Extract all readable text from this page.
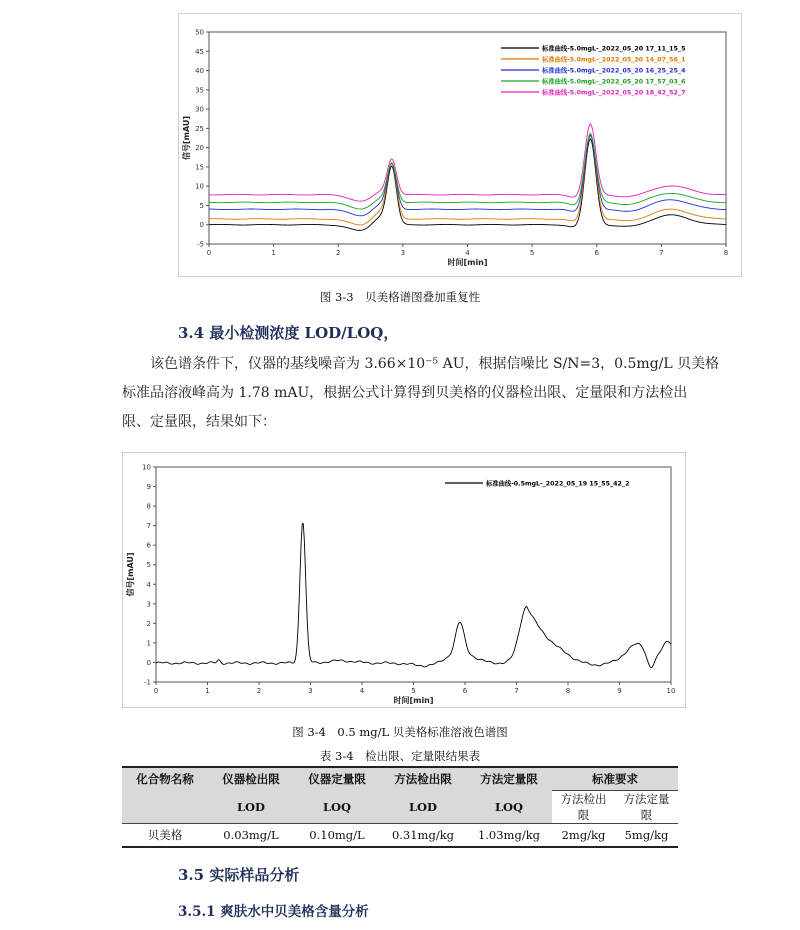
0	1	2	3	4	5	6	7	8
-5
0
5
10
15
20
25
30
35
40
45
50
时间[min]
信号[mAU]
标准曲线-5.0mgL-_2022_05_20 17_11_15_5
标准曲线-5.0mgL-_2022_05_20 14_07_56_1
标准曲线-5.0mgL-_2022_05_20 16_25_25_4
标准曲线-5.0mgL-_2022_05_20 17_57_03_6
标准曲线-5.0mgL-_2022_05_20 18_42_52_7
图 3-3　贝美格谱图叠加重复性
3.4 最小检测浓度 LOD/LOQ，
该色谱条件下，仪器的基线噪音为 3.66×10⁻⁵ AU，根据信噪比 S/N=3，0.5mg/L 贝美格
标准品溶液峰高为 1.78 mAU，根据公式计算得到贝美格的仪器检出限、定量限和方法检出
限、定量限，结果如下：
0	1	2	3	4	5	6	7	8	9	10
-1
0
1
2
3
4
5
6
7
8
9
10
时间[min]
信号[mAU]
标准曲线-0.5mgL-_2022_05_19 15_55_42_2
图 3-4　0.5 mg/L 贝美格标准溶液色谱图
表 3-4　检出限、定量限结果表
化合物名称	仪器检出限	仪器定量限	方法检出限	方法定量限	标准要求	
	LOD	LOQ	LOD	LOQ	方法检出限	方法定量限
贝美格	0.03mg/L	0.10mg/L	0.31mg/kg	1.03mg/kg	2mg/kg	5mg/kg
3.5 实际样品分析
3.5.1 爽肤水中贝美格含量分析
